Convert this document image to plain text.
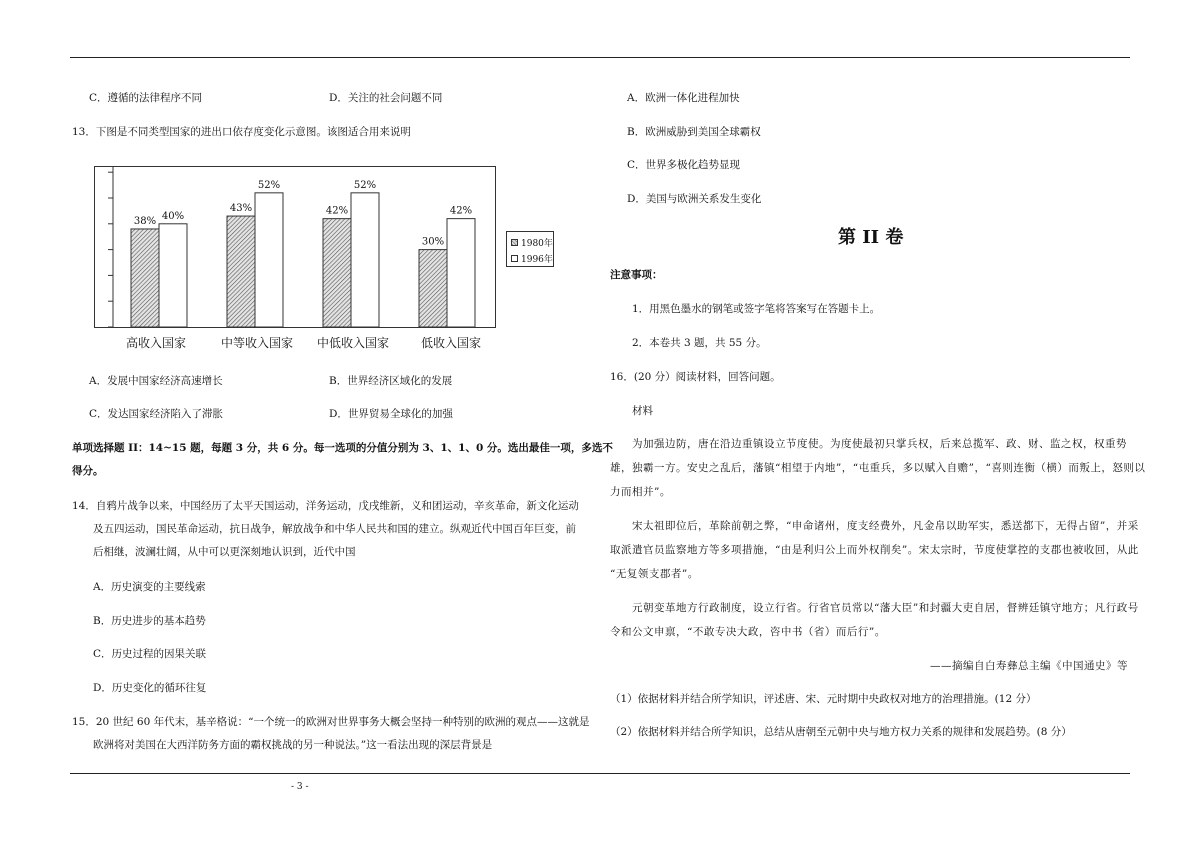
C．遵循的法律程序不同	D．关注的社会问题不同
13．下图是不同类型国家的进出口依存度变化示意图。该图适合用来说明
38% 40%
43%
52%
42%
52%
30%
42%
1980年
1996年
高收入国家	中等收入国家 中低收入国家	低收入国家
A．发展中国家经济高速增长	B．世界经济区域化的发展
C．发达国家经济陷入了滞胀	D．世界贸易全球化的加强
单项选择题 II：14~15 题，每题 3 分，共 6 分。每一选项的分值分别为 3、1、1、0 分。选出最佳一项，多选不
得分。
14．自鸦片战争以来，中国经历了太平天国运动，洋务运动，戊戌维新，义和团运动，辛亥革命，新文化运动
及五四运动，国民革命运动，抗日战争，解放战争和中华人民共和国的建立。纵观近代中国百年巨变，前
后相继，波澜壮阔，从中可以更深刻地认识到，近代中国
A．历史演变的主要线索
B．历史进步的基本趋势
C．历史过程的因果关联
D．历史变化的循环往复
15．20 世纪 60 年代末，基辛格说：“一个统一的欧洲对世界事务大概会坚持一种特别的欧洲的观点——这就是
欧洲将对美国在大西洋防务方面的霸权挑战的另一种说法。”这一看法出现的深层背景是
A．欧洲一体化进程加快
B．欧洲威胁到美国全球霸权
C．世界多极化趋势显现
D．美国与欧洲关系发生变化
第 II 卷
注意事项：
1．用黑色墨水的钢笔或签字笔将答案写在答题卡上。
2．本卷共 3 题，共 55 分。
16．(20 分）阅读材料，回答问题。
材料
为加强边防，唐在沿边重镇设立节度使。为度使最初只掌兵权，后来总揽军、政、财、监之权，权重势
雄，独霸一方。安史之乱后，藩镇“相望于内地”，“屯重兵，多以赋入自赡”，“喜则连衡（横）而叛上，怒则以
力而相并”。
宋太祖即位后，革除前朝之弊，“申命诸州，度支经费外，凡金帛以助军实，悉送都下，无得占留”，并采
取派遣官员监察地方等多项措施，“由是利归公上而外权削矣”。宋太宗时，节度使掌控的支郡也被收回，从此
“无复领支郡者”。
元朝变革地方行政制度，设立行省。行省官员常以“藩大臣”和封疆大吏自居，督辨廷镇守地方；凡行政号
令和公文申禀，“不敢专决大政，咨中书（省）而后行”。
——摘编自白寿彝总主编《中国通史》等
（1）依据材料并结合所学知识，评述唐、宋、元时期中央政权对地方的治理措施。(12 分）
（2）依据材料并结合所学知识，总结从唐朝至元朝中央与地方权力关系的规律和发展趋势。(8 分）
- 3 -
